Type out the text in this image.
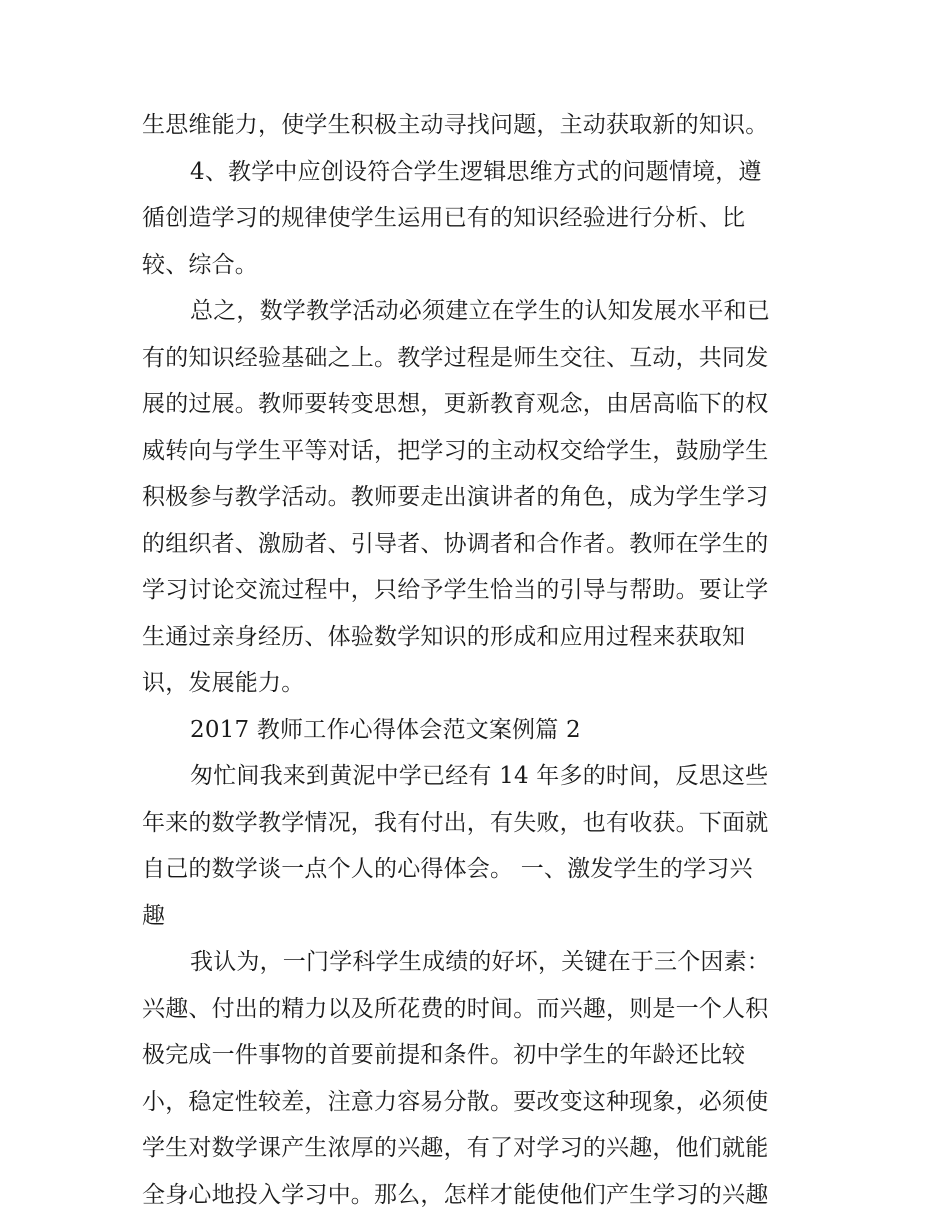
生思维能力，使学生积极主动寻找问题，主动获取新的知识。
4、教学中应创设符合学生逻辑思维方式的问题情境，遵
循创造学习的规律使学生运用已有的知识经验进行分析、比
较、综合。
总之，数学教学活动必须建立在学生的认知发展水平和已
有的知识经验基础之上。教学过程是师生交往、互动，共同发
展的过展。教师要转变思想，更新教育观念，由居高临下的权
威转向与学生平等对话，把学习的主动权交给学生，鼓励学生
积极参与教学活动。教师要走出演讲者的角色，成为学生学习
的组织者、激励者、引导者、协调者和合作者。教师在学生的
学习讨论交流过程中，只给予学生恰当的引导与帮助。要让学
生通过亲身经历、体验数学知识的形成和应用过程来获取知
识，发展能力。
2017 教师工作心得体会范文案例篇 2
匆忙间我来到黄泥中学已经有 14 年多的时间，反思这些
年来的数学教学情况，我有付出，有失败，也有收获。下面就
自己的数学谈一点个人的心得体会。 一、激发学生的学习兴
趣
我认为，一门学科学生成绩的好坏，关键在于三个因素：
兴趣、付出的精力以及所花费的时间。而兴趣，则是一个人积
极完成一件事物的首要前提和条件。初中学生的年龄还比较
小，稳定性较差，注意力容易分散。要改变这种现象，必须使
学生对数学课产生浓厚的兴趣，有了对学习的兴趣，他们就能
全身心地投入学习中。那么，怎样才能使他们产生学习的兴趣
